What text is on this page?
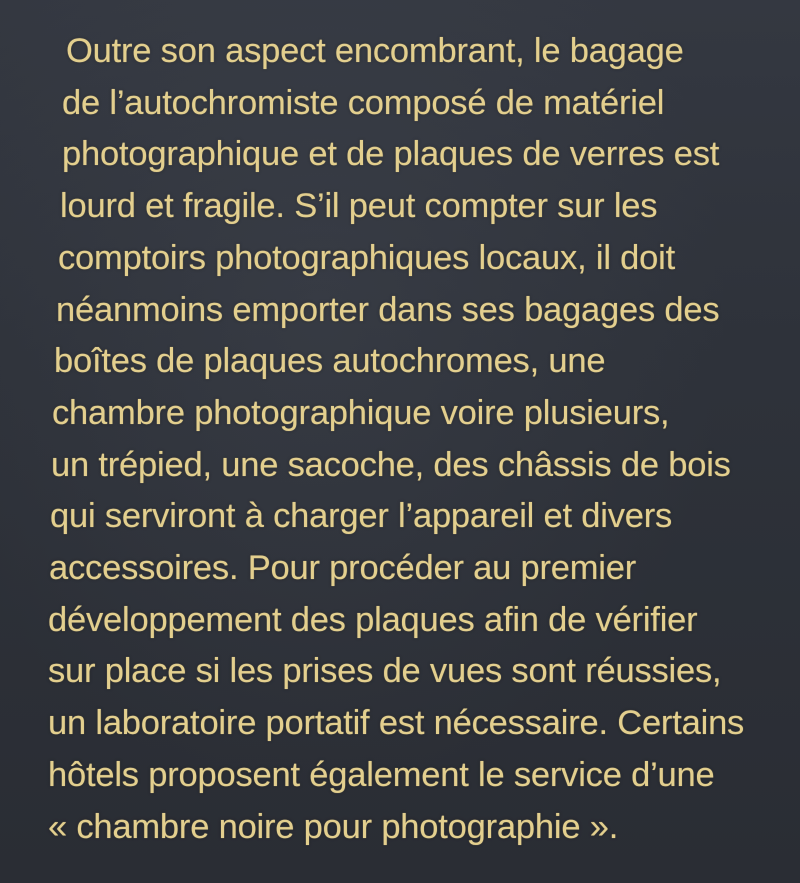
Outre son aspect encombrant, le bagage
de l’autochromiste composé de matériel
photographique et de plaques de verres est
lourd et fragile. S’il peut compter sur les
comptoirs photographiques locaux, il doit
néanmoins emporter dans ses bagages des
boîtes de plaques autochromes, une
chambre photographique voire plusieurs,
un trépied, une sacoche, des châssis de bois
qui serviront à charger l’appareil et divers
accessoires. Pour procéder au premier
développement des plaques afin de vérifier
sur place si les prises de vues sont réussies,
un laboratoire portatif est nécessaire. Certains
hôtels proposent également le service d’une
« chambre noire pour photographie ».
